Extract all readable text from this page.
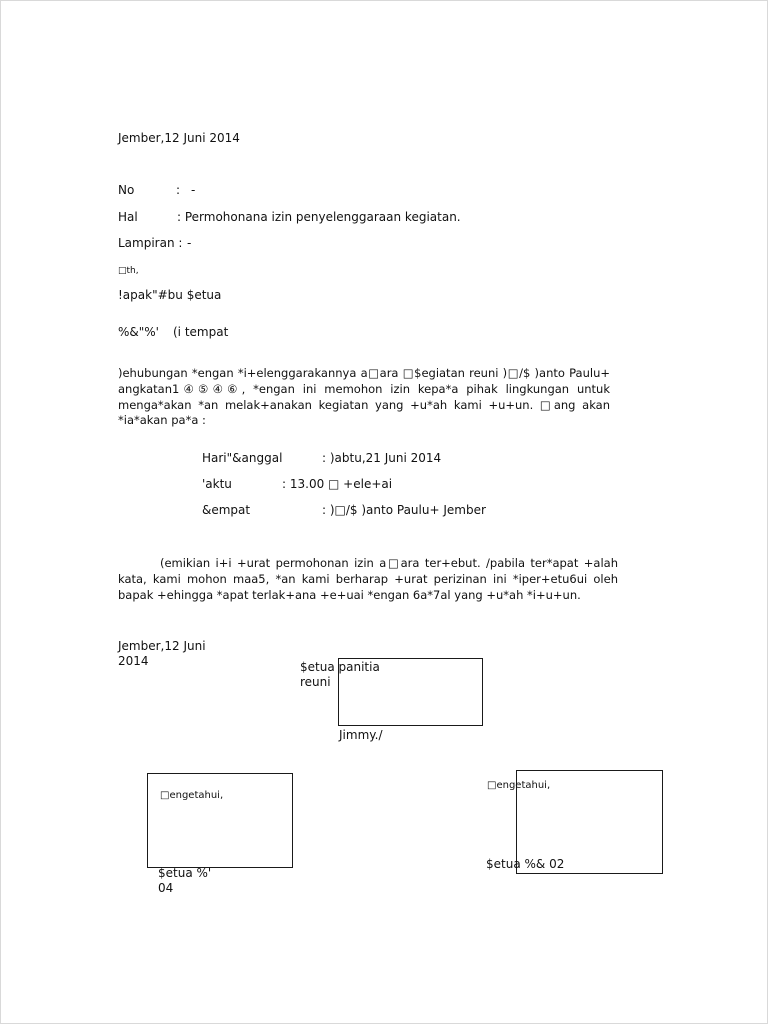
Jember,12 Juni 2014
No	: -
Hal	: Permohonana izin penyelenggaraan kegiatan.
Lampiran : -
□th,
!apak"#bu $etua
%&"%' (i tempat

)ehubungan *engan *i+elenggarakannya a□ara □$egiatan reuni )□/$ )anto Paulu+ angkatan1④⑤④⑥, *engan ini memohon izin kepa*a pihak lingkungan untuk menga*akan *an melak+anakan kegiatan yang +u*ah kami +u+un. □ang akan *ia*akan pa*a :

Hari"&anggal	: )abtu,21 Juni 2014
'aktu	: 13.00 □ +ele+ai
&empat	: )□/$ )anto Paulu+ Jember

(emikian i+i +urat permohonan izin a□ara ter+ebut. /pabila ter*apat +alah kata, kami mohon maa5, *an kami berharap +urat perizinan ini *iper+etu6ui oleh bapak +ehingga *apat terlak+ana +e+uai *engan 6a*7al yang +u*ah *i+u+un.

Jember,12 Juni
2014	$etua panitia
reuni
Jimmy./
□engetahui,
$etua %'
04
□engetahui,
$etua %& 02
